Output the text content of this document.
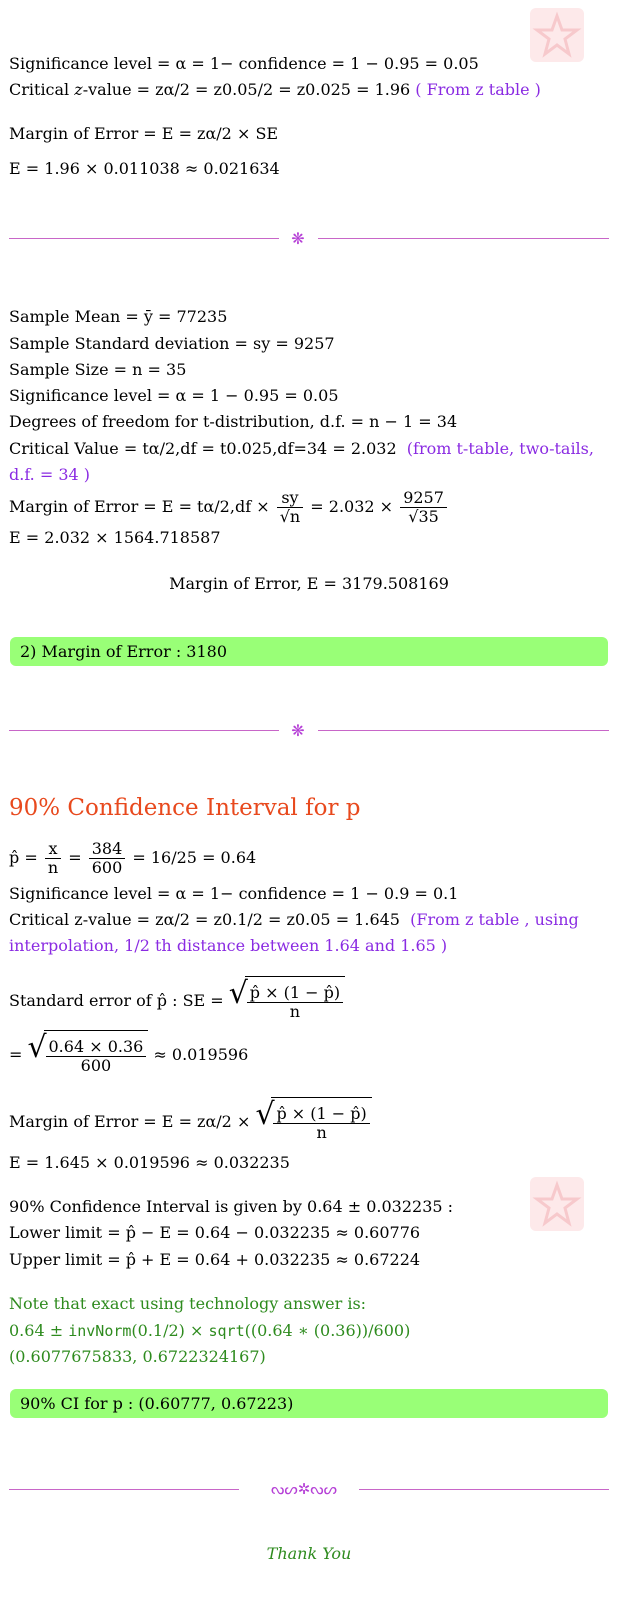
Significance level = α = 1− confidence = 1 − 0.95 = 0.05
Critical z-value = zα/2 = z0.05/2 = z0.025 = 1.96 ( From z table )
Margin of Error = E = zα/2 × SE
E = 1.96 × 0.011038 ≈ 0.021634
❋
Sample Mean = ȳ = 77235
Sample Standard deviation = sy = 9257
Sample Size = n = 35
Significance level = α = 1 − 0.95 = 0.05
Degrees of freedom for t-distribution, d.f. = n − 1 = 34
Critical Value = tα/2,df = t0.025,df=34 = 2.032 (from t-table, two-tails,
d.f. = 34 )
Margin of Error = $E = t\alpha/2,df \times \frac{sy}{√n} = 2.032 \times \frac{9257}{√35}$
E = 2.032 × 1564.718587
Margin of Error, E = 3179.508169
2) Margin of Error : 3180
❋
90% Confidence Interval for p
p̂ = $\frac{x}{n} = \frac{384}{600} = 16/25 = 0.64$
Significance level = α = 1− confidence = 1 − 0.9 = 0.1
Critical z-value = zα/2 = z0.1/2 = z0.05 = 1.645 (From z table , using
interpolation, 1/2 th distance between 1.64 and 1.65 )
Standard error of p̂ : SE = √
$\frac{p̂ \times (1 - p̂)}{n}$
= √
$\frac{0.64 \times 0.36}{600} \approx 0.019596$
Margin of Error = E = zα/2 × √
$\frac{p̂ \times (1 - p̂)}{n}$
E = 1.645 × 0.019596 ≈ 0.032235
90% Confidence Interval is given by 0.64 ± 0.032235 :
Lower limit = p̂ − E = 0.64 − 0.032235 ≈ 0.60776
Upper limit = p̂ + E = 0.64 + 0.032235 ≈ 0.67224
Note that exact using technology answer is:
0.64 ± invNorm(0.1/2) × sqrt((0.64 ∗ (0.36))/600)
(0.6077675833, 0.6722324167)
90% CI for p : (0.60777, 0.67223)
ᔓᔕ✲ᔓᔕ
Thank You
